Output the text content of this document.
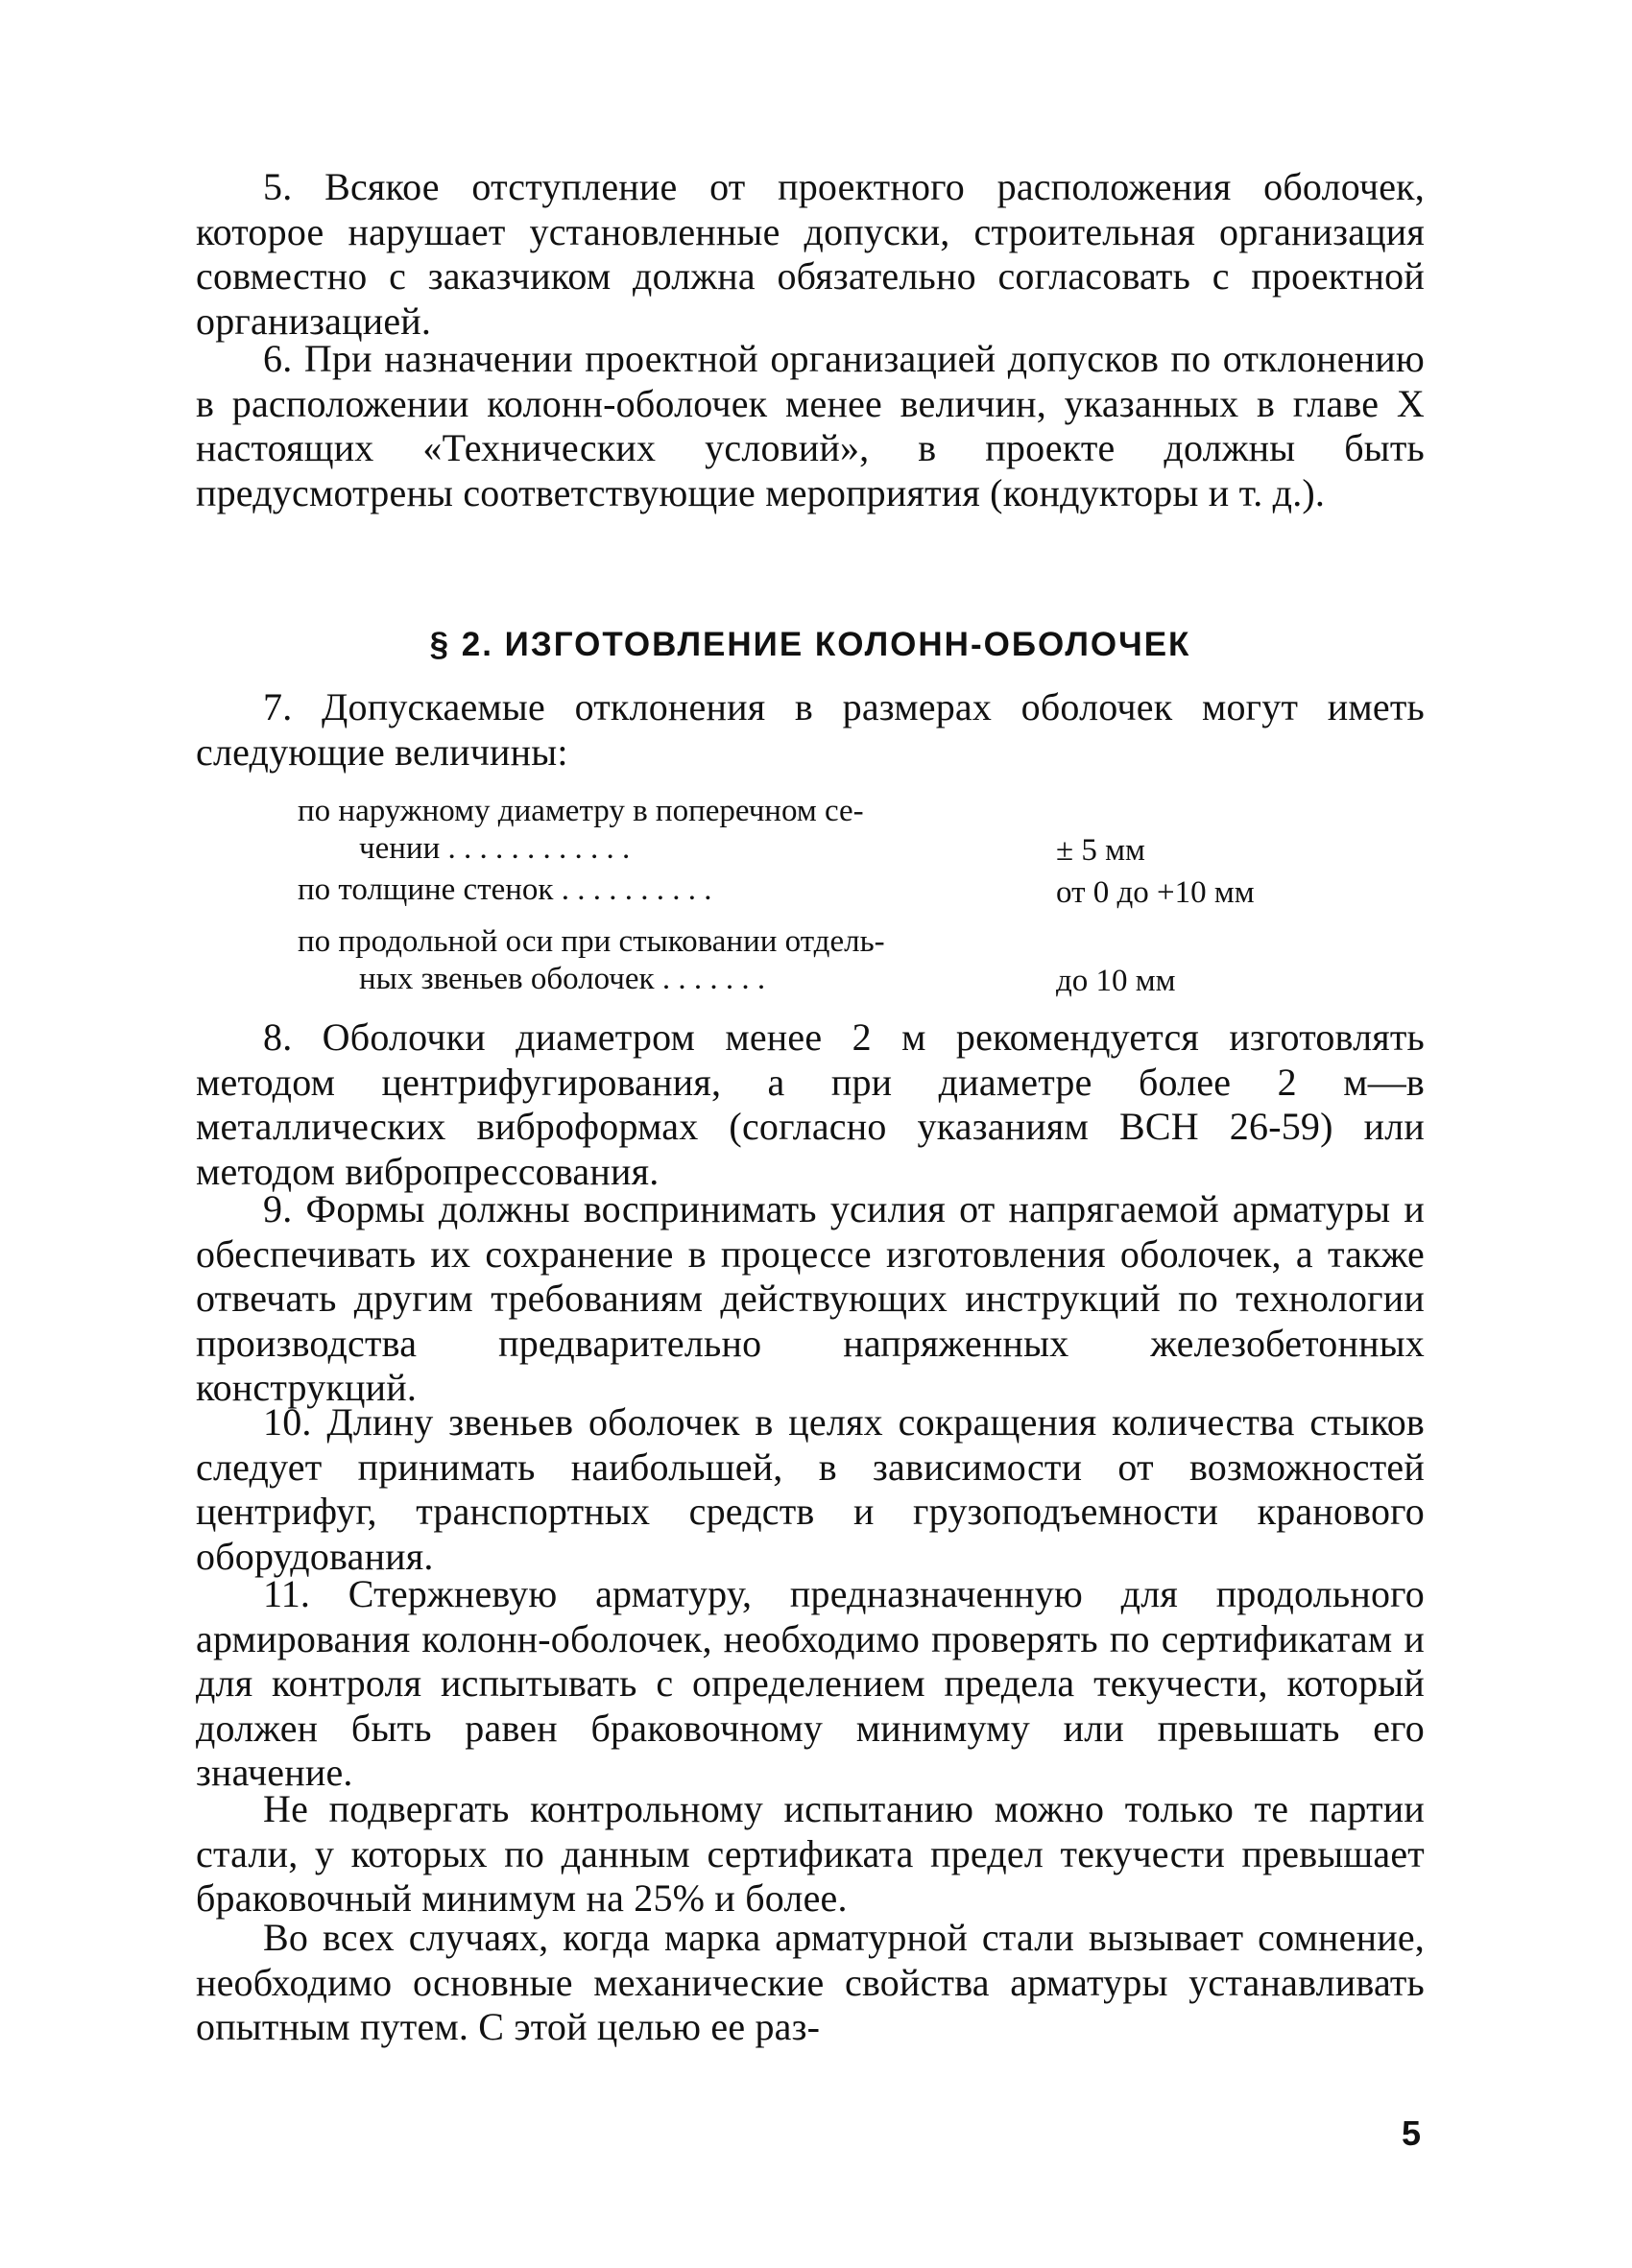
5. Всякое отступление от проектного расположения оболочек, которое нарушает установленные допуски, строительная организация совместно с заказчиком должна обязательно согласовать с проектной организацией.

6. При назначении проектной организацией допусков по отклонению в расположении колонн-оболочек менее величин, указанных в главе X настоящих «Технических условий», в проекте должны быть предусмотрены соответствующие мероприятия (кондукторы и т. д.).

§ 2. ИЗГОТОВЛЕНИЕ КОЛОНН-ОБОЛОЧЕК

7. Допускаемые отклонения в размерах оболочек могут иметь следующие величины:

по наружному диаметру в поперечном се-
чении . . . . . . . . . . . .	± 5 мм
по толщине стенок . . . . . . . . . .	от 0 до +10 мм
по продольной оси при стыковании отдель-
ных звеньев оболочек . . . . . . .	до 10 мм

8. Оболочки диаметром менее 2 м рекомендуется изготовлять методом центрифугирования, а при диаметре более 2 м—в металлических виброформах (согласно указаниям ВСН 26-59) или методом вибропрессования.

9. Формы должны воспринимать усилия от напрягаемой арматуры и обеспечивать их сохранение в процессе изготовления оболочек, а также отвечать другим требованиям действующих инструкций по технологии производства предварительно напряженных железобетонных конструкций.

10. Длину звеньев оболочек в целях сокращения количества стыков следует принимать наибольшей, в зависимости от возможностей центрифуг, транспортных средств и грузоподъемности кранового оборудования.

11. Стержневую арматуру, предназначенную для продольного армирования колонн-оболочек, необходимо проверять по сертификатам и для контроля испытывать с определением предела текучести, который должен быть равен браковочному минимуму или превышать его значение.

Не подвергать контрольному испытанию можно только те партии стали, у которых по данным сертификата предел текучести превышает браковочный минимум на 25% и более.

Во всех случаях, когда марка арматурной стали вызывает сомнение, необходимо основные механические свойства арматуры устанавливать опытным путем. С этой целью ее раз-

5
